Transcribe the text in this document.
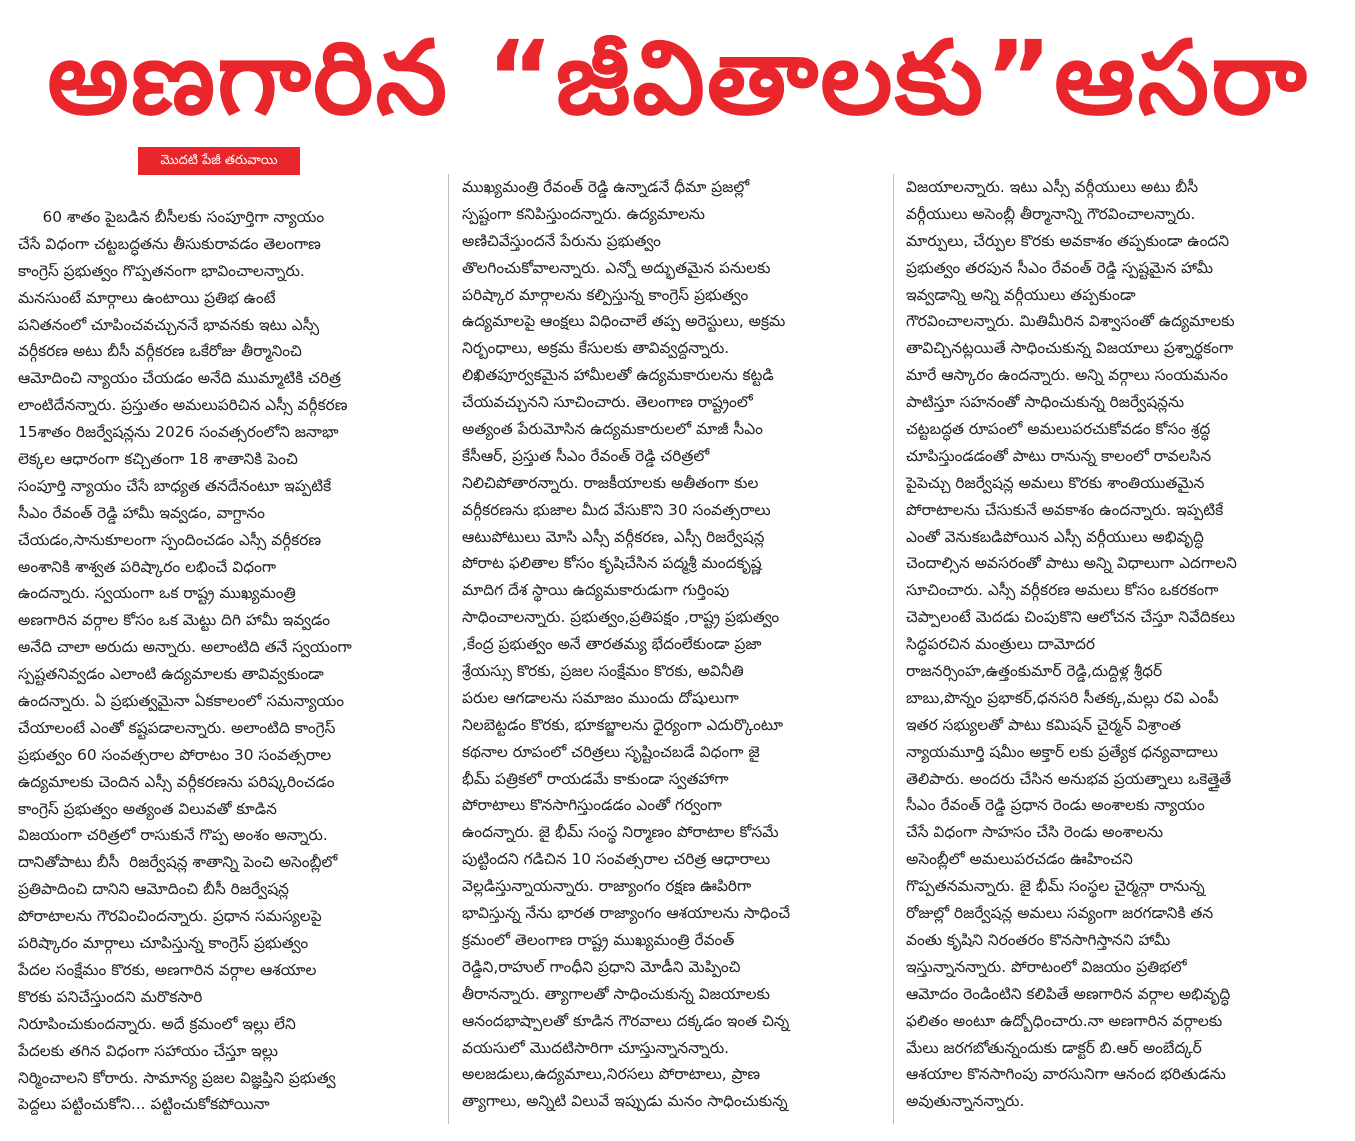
అణగారిన “జీవితాలకు”ఆసరా
మొదటి పేజీ తరువాయి
60 శాతం పైబడిన బీసీలకు సంపూర్తిగా న్యాయం
చేసే విధంగా చట్టబద్ధతను తీసుకురావడం తెలంగాణ
కాంగ్రెస్ ప్రభుత్వం గొప్పతనంగా భావించాలన్నారు.
మనసుంటే మార్గాలు ఉంటాయి ప్రతిభ ఉంటే
పనితనంలో చూపించవచ్చుననే భావనకు ఇటు ఎస్సీ
వర్గీకరణ అటు బీసీ వర్గీకరణ ఒకేరోజు తీర్మానించి
ఆమోదించి న్యాయం చేయడం అనేది ముమ్మాటికి చరిత్ర
లాంటిదేనన్నారు. ప్రస్తుతం అమలుపరిచిన ఎస్సీ వర్గీకరణ
15శాతం రిజర్వేషన్లను 2026 సంవత్సరంలోని జనాభా
లెక్కల ఆధారంగా కచ్చితంగా 18 శాతానికి పెంచి
సంపూర్తి న్యాయం చేసే బాధ్యత తనదేనంటూ ఇప్పటికే
సీఎం రేవంత్ రెడ్డి హామీ ఇవ్వడం, వాగ్దానం
చేయడం,సానుకూలంగా స్పందించడం ఎస్సీ వర్గీకరణ
అంశానికి శాశ్వత పరిష్కారం లభించే విధంగా
ఉందన్నారు. స్వయంగా ఒక రాష్ట్ర ముఖ్యమంత్రి
అణగారిన వర్గాల కోసం ఒక మెట్టు దిగి హామీ ఇవ్వడం
అనేది చాలా అరుదు అన్నారు. అలాంటిది తనే స్వయంగా
స్పష్టతనివ్వడం ఎలాంటి ఉద్యమాలకు తావివ్వకుండా
ఉందన్నారు. ఏ ప్రభుత్వమైనా ఏకకాలంలో సమన్యాయం
చేయాలంటే ఎంతో కష్టపడాలన్నారు. అలాంటిది కాంగ్రెస్
ప్రభుత్వం 60 సంవత్సరాల పోరాటం 30 సంవత్సరాల
ఉద్యమాలకు చెందిన ఎస్సీ వర్గీకరణను పరిష్కరించడం
కాంగ్రెస్ ప్రభుత్వం అత్యంత విలువతో కూడిన
విజయంగా చరిత్రలో రాసుకునే గొప్ప అంశం అన్నారు.
దానితోపాటు బీసీ  రిజర్వేషన్ల శాతాన్ని పెంచి అసెంబ్లీలో
ప్రతిపాదించి దానిని ఆమోదించి బీసీ రిజర్వేషన్ల
పోరాటాలను గౌరవించిందన్నారు. ప్రధాన సమస్యలపై
పరిష్కారం మార్గాలు చూపిస్తున్న కాంగ్రెస్ ప్రభుత్వం
పేదల సంక్షేమం కొరకు, అణగారిన వర్గాల ఆశయాల
కొరకు పనిచేస్తుందని మరొకసారి
నిరూపించుకుందన్నారు. అదే క్రమంలో ఇల్లు లేని
పేదలకు తగిన విధంగా సహాయం చేస్తూ ఇల్లు
నిర్మించాలని కోరారు. సామాన్య ప్రజల విజ్ఞప్తిని ప్రభుత్వ
పెద్దలు పట్టించుకోని... పట్టించుకోకపోయినా
ముఖ్యమంత్రి రేవంత్ రెడ్డి ఉన్నాడనే ధీమా ప్రజల్లో
స్పష్టంగా కనిపిస్తుందన్నారు. ఉద్యమాలను
అణిచివేస్తుందనే పేరును ప్రభుత్వం
తొలగించుకోవాలన్నారు. ఎన్నో అద్భుతమైన పనులకు
పరిష్కార మార్గాలను కల్పిస్తున్న కాంగ్రెస్ ప్రభుత్వం
ఉద్యమాలపై ఆంక్షలు విధించాలే తప్ప అరెస్టులు, అక్రమ
నిర్బంధాలు, అక్రమ కేసులకు తావివ్వద్దన్నారు.
లిఖితపూర్వకమైన హామీలతో ఉద్యమకారులను కట్టడి
చేయవచ్చునని సూచించారు. తెలంగాణ రాష్ట్రంలో
అత్యంత పేరుమోసిన ఉద్యమకారులలో మాజీ సీఎం
కేసీఆర్, ప్రస్తుత సీఎం రేవంత్ రెడ్డి చరిత్రలో
నిలిచిపోతారన్నారు. రాజకీయాలకు అతీతంగా కుల
వర్గీకరణను భుజాల మీద వేసుకొని 30 సంవత్సరాలు
ఆటుపోటులు మోసి ఎస్సీ వర్గీకరణ, ఎస్సీ రిజర్వేషన్ల
పోరాట ఫలితాల కోసం కృషిచేసిన పద్మశ్రీ మందకృష్ణ
మాదిగ దేశ స్థాయి ఉద్యమకారుడుగా గుర్తింపు
సాధించాలన్నారు. ప్రభుత్వం,ప్రతిపక్షం ,రాష్ట్ర ప్రభుత్వం
,కేంద్ర ప్రభుత్వం అనే తారతమ్య భేదంలేకుండా ప్రజా
శ్రేయస్సు కొరకు, ప్రజల సంక్షేమం కొరకు, అవినీతి
పరుల ఆగడాలను సమాజం ముందు దోషులుగా
నిలబెట్టడం కొరకు, భూకబ్జాలను ధైర్యంగా ఎదుర్కొంటూ
కథనాల రూపంలో చరిత్రలు సృష్టించబడే విధంగా జై
భీమ్ పత్రికలో రాయడమే కాకుండా స్వతహాగా
పోరాటాలు కొనసాగిస్తుండడం ఎంతో గర్వంగా
ఉందన్నారు. జై భీమ్ సంస్థ నిర్మాణం పోరాటాల కోసమే
పుట్టిందని గడిచిన 10 సంవత్సరాల చరిత్ర ఆధారాలు
వెల్లడిస్తున్నాయన్నారు. రాజ్యాంగం రక్షణ ఊపిరిగా
భావిస్తున్న నేను భారత రాజ్యాంగం ఆశయాలను సాధించే
క్రమంలో తెలంగాణ రాష్ట్ర ముఖ్యమంత్రి రేవంత్
రెడ్డిని,రాహుల్ గాంధీని ప్రధాని మోడీని మెప్పించి
తీరానన్నారు. త్యాగాలతో సాధించుకున్న విజయాలకు
ఆనందభాష్పాలతో కూడిన గౌరవాలు దక్కడం ఇంత చిన్న
వయసులో మొదటిసారిగా చూస్తున్నానన్నారు.
అలజడులు,ఉద్యమాలు,నిరసలు పోరాటాలు, ప్రాణ
త్యాగాలు, అన్నిటి విలువే ఇప్పుడు మనం సాధించుకున్న
విజయాలన్నారు. ఇటు ఎస్సీ వర్గీయులు అటు బీసీ
వర్గీయులు అసెంబ్లీ తీర్మానాన్ని గౌరవించాలన్నారు.
మార్పులు, చేర్పుల కొరకు అవకాశం తప్పకుండా ఉందని
ప్రభుత్వం తరపున సీఎం రేవంత్ రెడ్డి స్పష్టమైన హామీ
ఇవ్వడాన్ని అన్ని వర్గీయులు తప్పకుండా
గౌరవించాలన్నారు. మితిమీరిన విశ్వాసంతో ఉద్యమాలకు
తావిచ్చినట్లయితే సాధించుకున్న విజయాలు ప్రశ్నార్థకంగా
మారే ఆస్కారం ఉందన్నారు. అన్ని వర్గాలు సంయమనం
పాటిస్తూ సహనంతో సాధించుకున్న రిజర్వేషన్లను
చట్టబద్ధత రూపంలో అమలుపరచుకోవడం కోసం శ్రద్ధ
చూపిస్తుండడంతో పాటు రానున్న కాలంలో రావలసిన
పైపెచ్చు రిజర్వేషన్ల అమలు కొరకు శాంతియుతమైన
పోరాటాలను చేసుకునే అవకాశం ఉందన్నారు. ఇప్పటికే
ఎంతో వెనుకబడిపోయిన ఎస్సీ వర్గీయులు అభివృద్ధి
చెందాల్సిన అవసరంతో పాటు అన్ని విధాలుగా ఎదగాలని
సూచించారు. ఎస్సీ వర్గీకరణ అమలు కోసం ఒకరకంగా
చెప్పాలంటే మెదడు చింపుకొని ఆలోచన చేస్తూ నివేదికలు
సిద్ధపరచిన మంత్రులు దామోదర
రాజనర్సింహ,ఉత్తంకుమార్ రెడ్డి,దుద్దిళ్ల శ్రీధర్
బాబు,పొన్నం ప్రభాకర్,ధనసరి సీతక్క,మల్లు రవి ఎంపీ
ఇతర సభ్యులతో పాటు కమిషన్ చైర్మన్ విశ్రాంత
న్యాయమూర్తి షమీం అక్తార్ లకు ప్రత్యేక ధన్యవాదాలు
తెలిపారు. అందరు చేసిన అనుభవ ప్రయత్నాలు ఒకెత్తైతే
సీఎం రేవంత్ రెడ్డి ప్రధాన రెండు అంశాలకు న్యాయం
చేసే విధంగా సాహసం చేసి రెండు అంశాలను
అసెంబ్లీలో అమలుపరచడం ఊహించని
గొప్పతనమన్నారు. జై భీమ్ సంస్థల చైర్మన్గా రానున్న
రోజుల్లో రిజర్వేషన్ల అమలు సవ్యంగా జరగడానికి తన
వంతు కృషిని నిరంతరం కొనసాగిస్తానని హామీ
ఇస్తున్నానన్నారు. పోరాటంలో విజయం ప్రతిభలో
ఆమోదం రెండింటిని కలిపితే అణగారిన వర్గాల అభివృద్ధి
ఫలితం అంటూ ఉద్బోధించారు.నా అణగారిన వర్గాలకు
మేలు జరగబోతున్నందుకు డాక్టర్ బి.ఆర్ అంబేద్కర్
ఆశయాల కొనసాగింపు వారసునిగా ఆనంద భరితుడను
అవుతున్నానన్నారు.
